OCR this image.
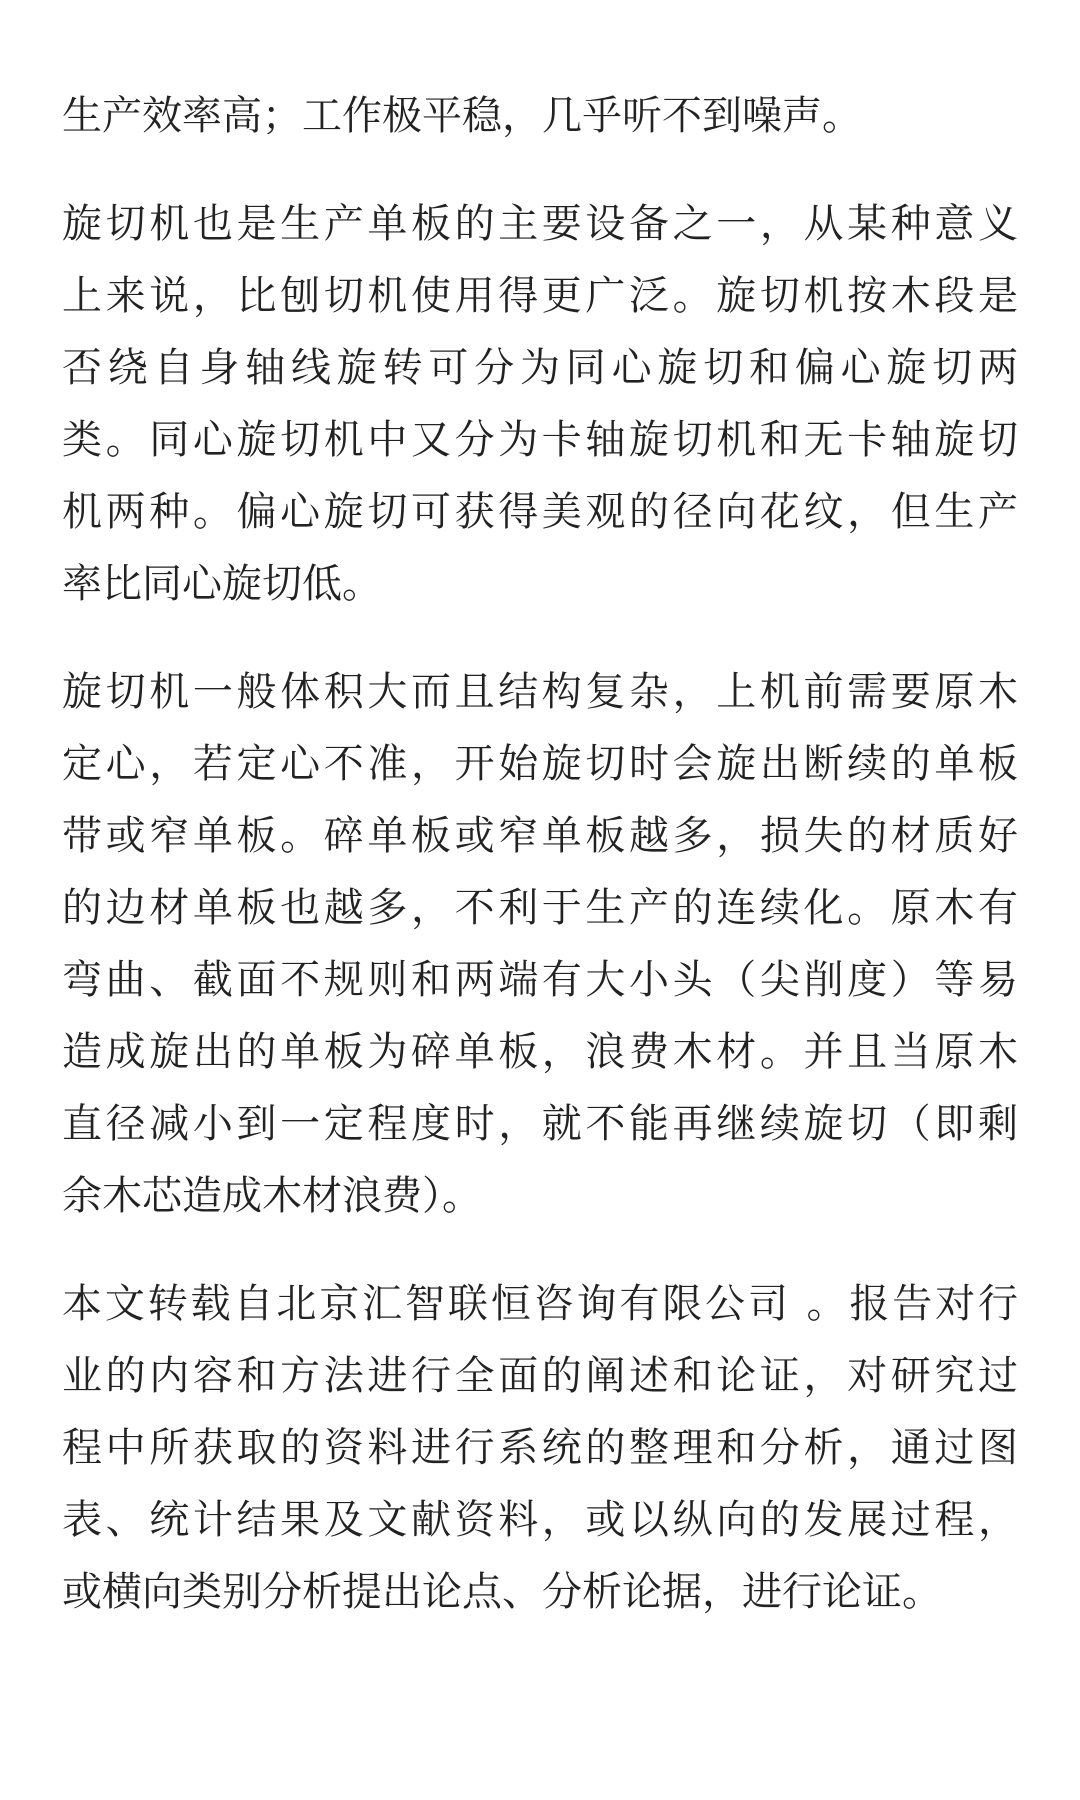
生产效率高；工作极平稳，几乎听不到噪声。

旋切机也是生产单板的主要设备之一，从某种意义
上来说，比刨切机使用得更广泛。旋切机按木段是
否绕自身轴线旋转可分为同心旋切和偏心旋切两
类。同心旋切机中又分为卡轴旋切机和无卡轴旋切
机两种。偏心旋切可获得美观的径向花纹，但生产
率比同心旋切低。

旋切机一般体积大而且结构复杂，上机前需要原木
定心，若定心不准，开始旋切时会旋出断续的单板
带或窄单板。碎单板或窄单板越多，损失的材质好
的边材单板也越多，不利于生产的连续化。原木有
弯曲、截面不规则和两端有大小头（尖削度）等易
造成旋出的单板为碎单板，浪费木材。并且当原木
直径减小到一定程度时，就不能再继续旋切（即剩
余木芯造成木材浪费）。

本文转载自北京汇智联恒咨询有限公司 。报告对行
业的内容和方法进行全面的阐述和论证，对研究过
程中所获取的资料进行系统的整理和分析，通过图
表、统计结果及文献资料，或以纵向的发展过程，
或横向类别分析提出论点、分析论据，进行论证。
